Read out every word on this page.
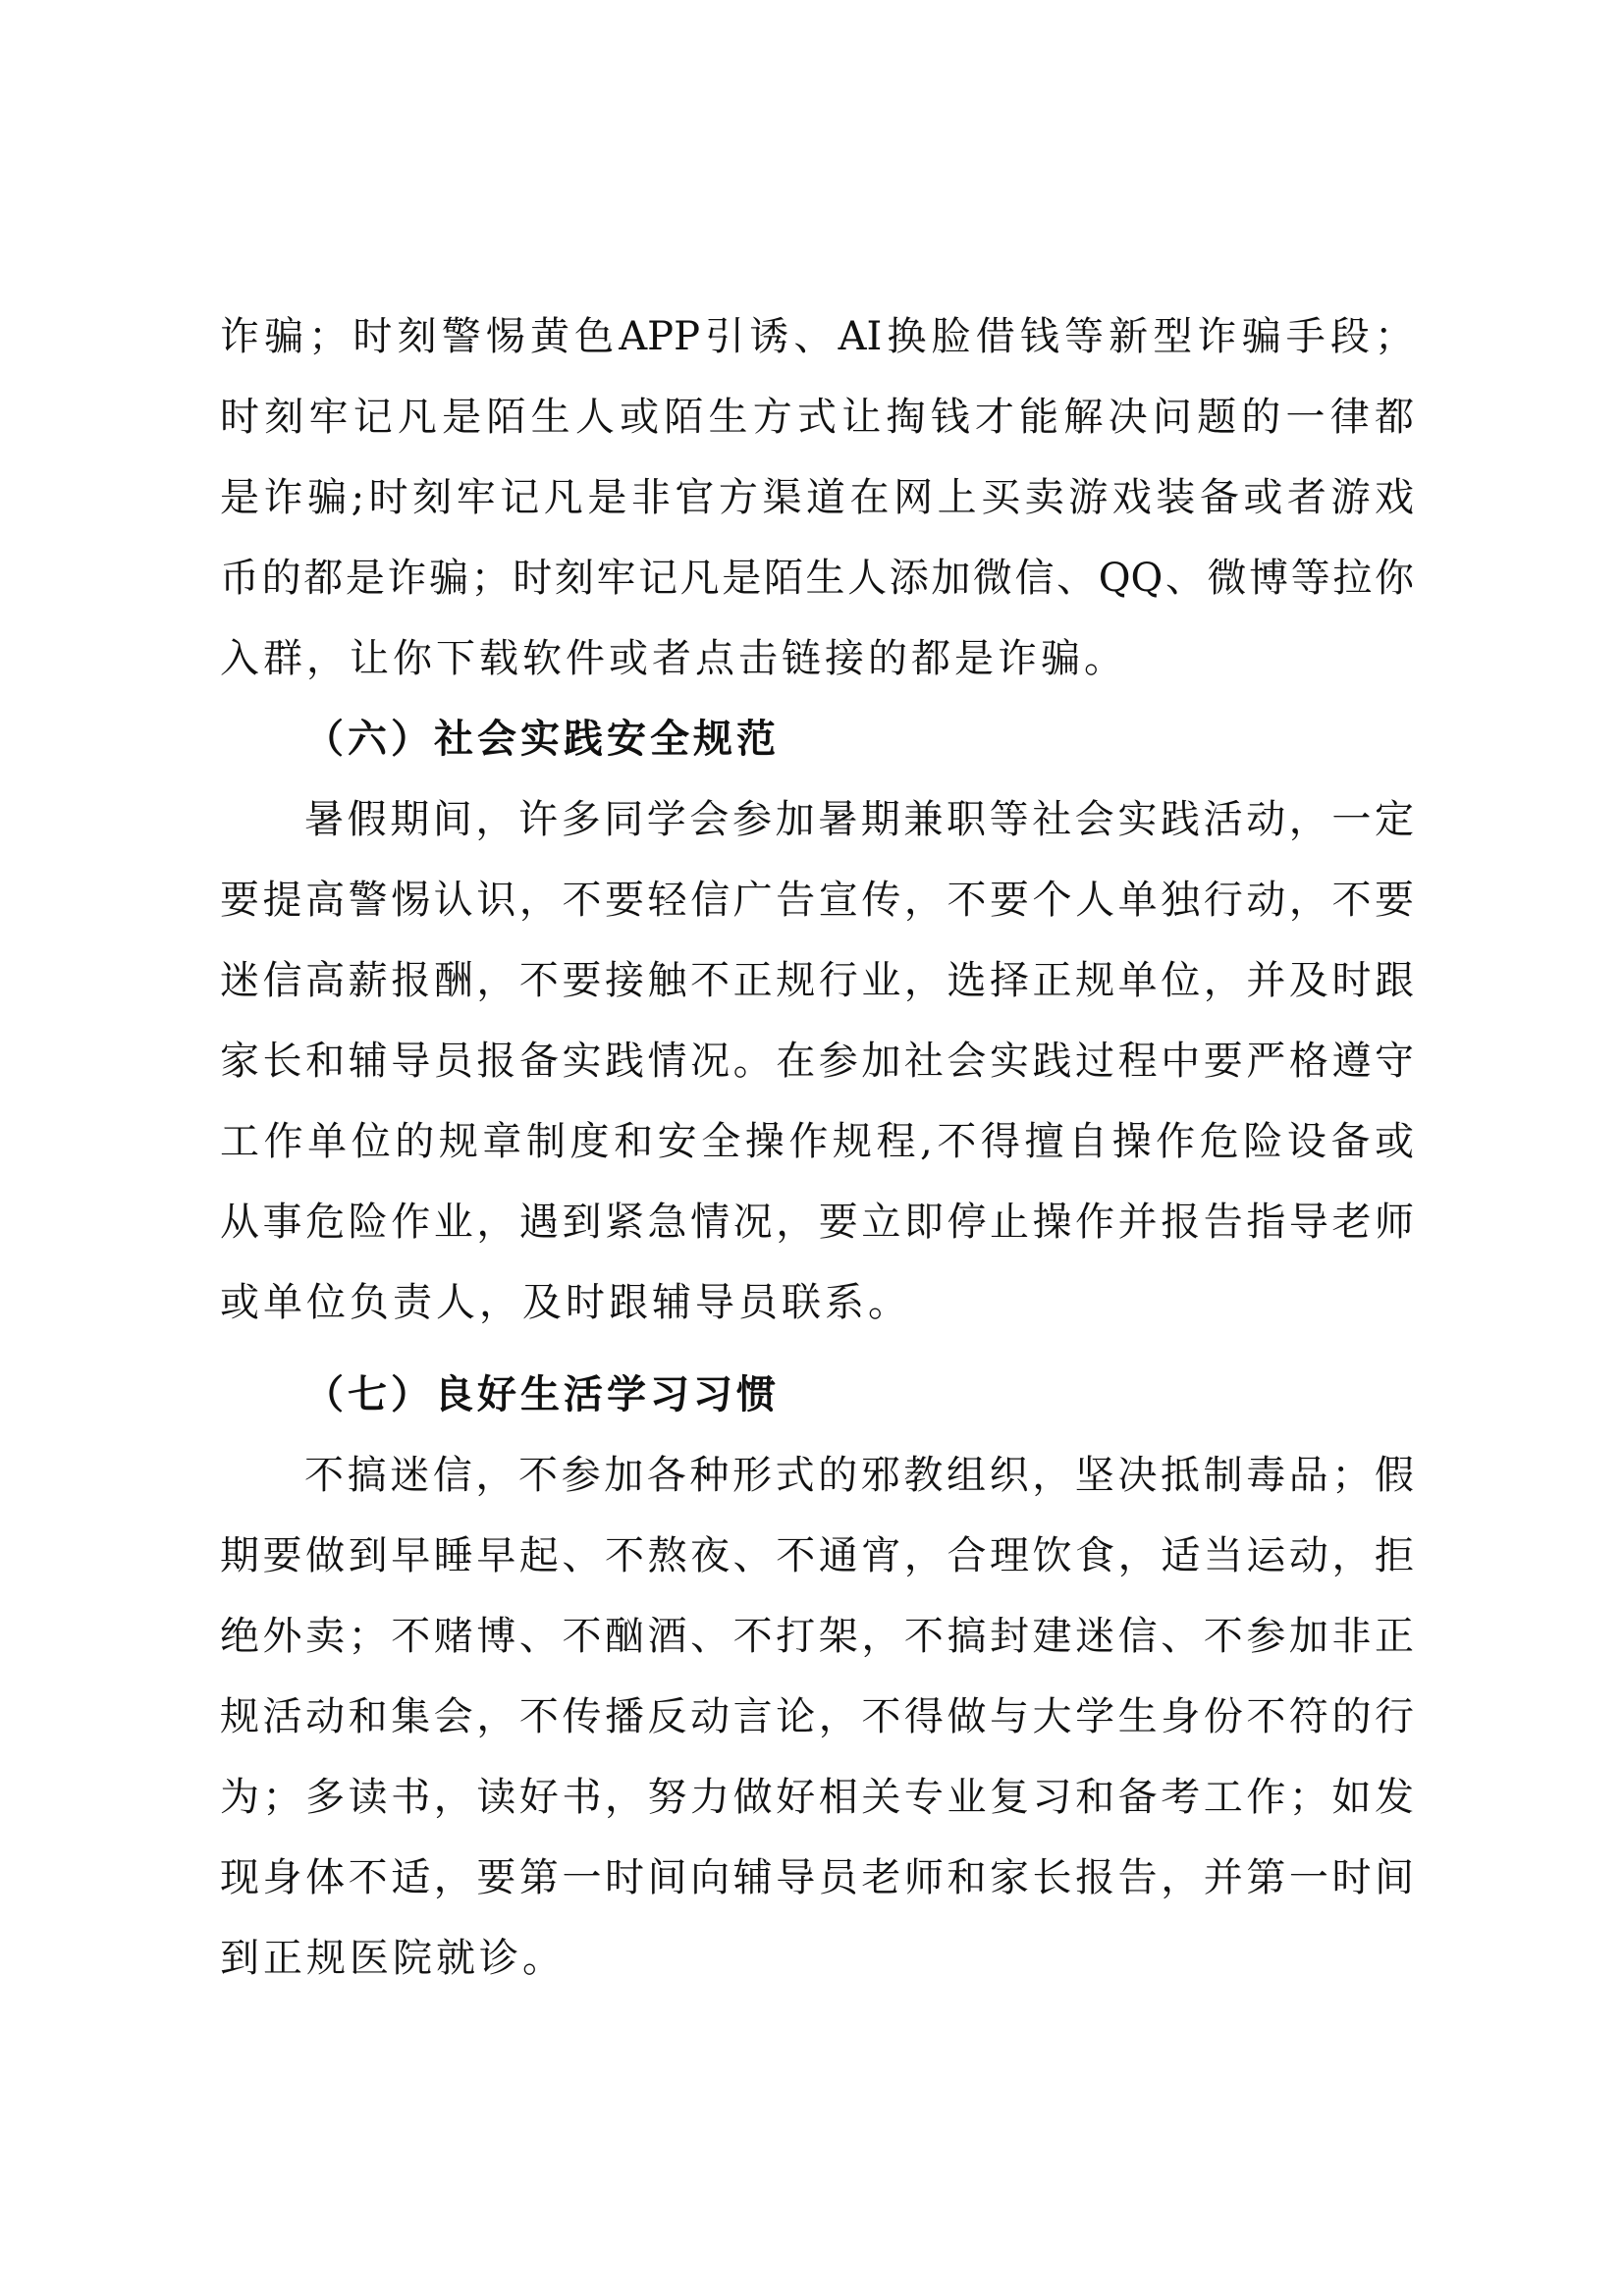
诈骗；时刻警惕黄色APP引诱、AI换脸借钱等新型诈骗手段；
时刻牢记凡是陌生人或陌生方式让掏钱才能解决问题的一律都
是诈骗;时刻牢记凡是非官方渠道在网上买卖游戏装备或者游戏
币的都是诈骗；时刻牢记凡是陌生人添加微信、QQ、微博等拉你
入群，让你下载软件或者点击链接的都是诈骗。
（六）社会实践安全规范
暑假期间，许多同学会参加暑期兼职等社会实践活动，一定
要提高警惕认识，不要轻信广告宣传，不要个人单独行动，不要
迷信高薪报酬，不要接触不正规行业，选择正规单位，并及时跟
家长和辅导员报备实践情况。在参加社会实践过程中要严格遵守
工作单位的规章制度和安全操作规程,不得擅自操作危险设备或
从事危险作业，遇到紧急情况，要立即停止操作并报告指导老师
或单位负责人，及时跟辅导员联系。
（七）良好生活学习习惯
不搞迷信，不参加各种形式的邪教组织，坚决抵制毒品；假
期要做到早睡早起、不熬夜、不通宵，合理饮食，适当运动，拒
绝外卖；不赌博、不酗酒、不打架，不搞封建迷信、不参加非正
规活动和集会，不传播反动言论，不得做与大学生身份不符的行
为；多读书，读好书，努力做好相关专业复习和备考工作；如发
现身体不适，要第一时间向辅导员老师和家长报告，并第一时间
到正规医院就诊。
